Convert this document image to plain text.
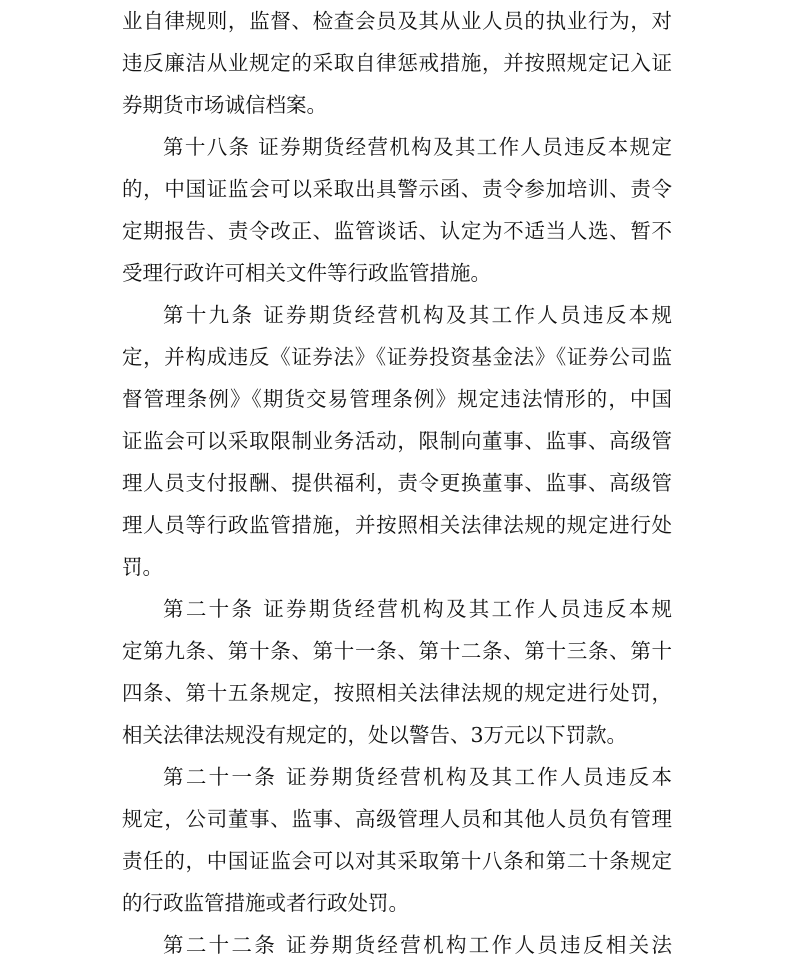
业自律规则，监督、检查会员及其从业人员的执业行为，对
违反廉洁从业规定的采取自律惩戒措施，并按照规定记入证
券期货市场诚信档案。
第十八条 证券期货经营机构及其工作人员违反本规定
的，中国证监会可以采取出具警示函、责令参加培训、责令
定期报告、责令改正、监管谈话、认定为不适当人选、暂不
受理行政许可相关文件等行政监管措施。
第十九条 证券期货经营机构及其工作人员违反本规
定，并构成违反《证券法》《证券投资基金法》《证券公司监
督管理条例》《期货交易管理条例》规定违法情形的，中国
证监会可以采取限制业务活动，限制向董事、监事、高级管
理人员支付报酬、提供福利，责令更换董事、监事、高级管
理人员等行政监管措施，并按照相关法律法规的规定进行处
罚。
第二十条 证券期货经营机构及其工作人员违反本规
定第九条、第十条、第十一条、第十二条、第十三条、第十
四条、第十五条规定，按照相关法律法规的规定进行处罚，
相关法律法规没有规定的，处以警告、3万元以下罚款。
第二十一条 证券期货经营机构及其工作人员违反本
规定，公司董事、监事、高级管理人员和其他人员负有管理
责任的，中国证监会可以对其采取第十八条和第二十条规定
的行政监管措施或者行政处罚。
第二十二条 证券期货经营机构工作人员违反相关法
